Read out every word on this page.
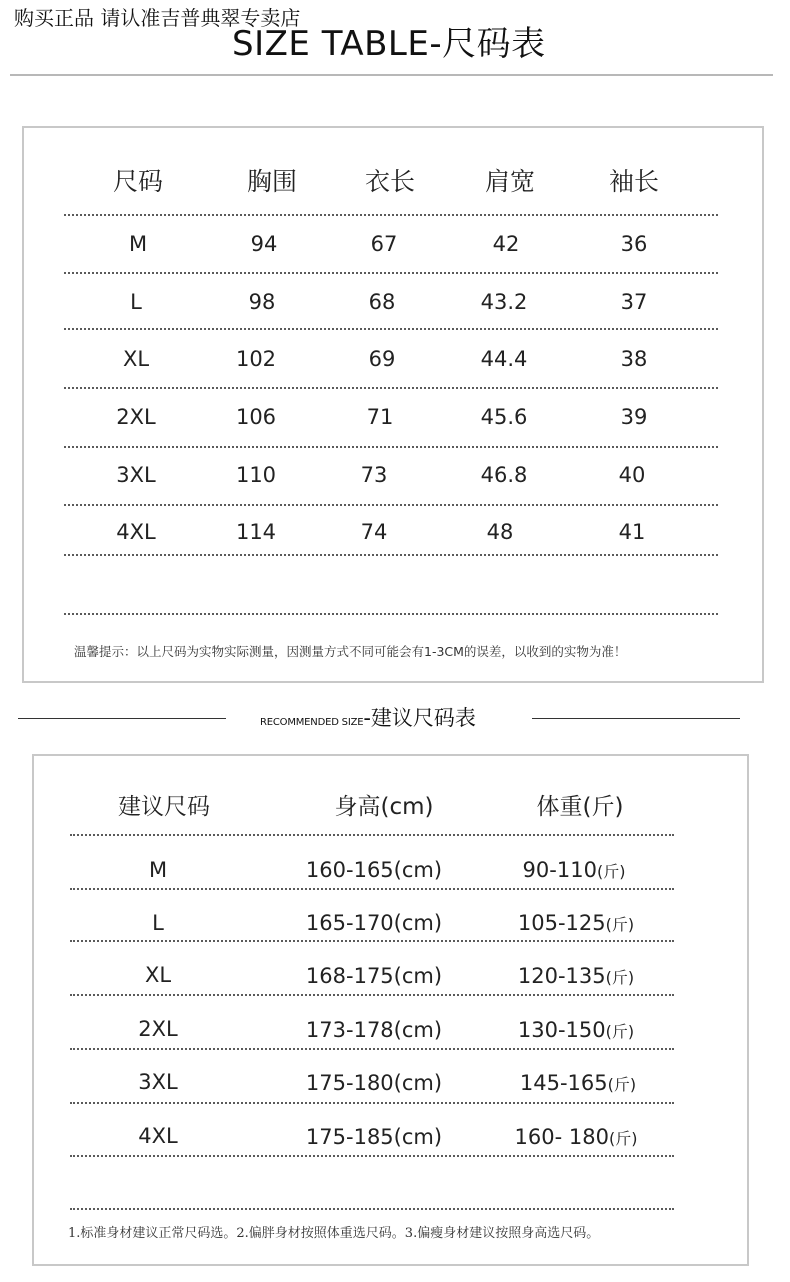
购买正品 请认准吉普典翠专卖店
SIZE TABLE-尺码表
尺码	胸围	衣长	肩宽	袖长
M	94	67	42	36
L	98	68	43.2	37
XL	102	69	44.4	38
2XL	106	71	45.6	39
3XL	110	73	46.8	40
4XL	114	74	48	41
温馨提示：以上尺码为实物实际测量，因测量方式不同可能会有1-3CM的误差，以收到的实物为准！
RECOMMENDED SIZE-建议尺码表
建议尺码	身高(cm)	体重(斤)
M	160-165(cm)	90-110(斤)
L	165-170(cm)	105-125(斤)
XL	168-175(cm)	120-135(斤)
2XL	173-178(cm)	130-150(斤)
3XL	175-180(cm)	145-165(斤)
4XL	175-185(cm)	160- 180(斤)
1.标准身材建议正常尺码选。2.偏胖身材按照体重选尺码。3.偏瘦身材建议按照身高选尺码。
